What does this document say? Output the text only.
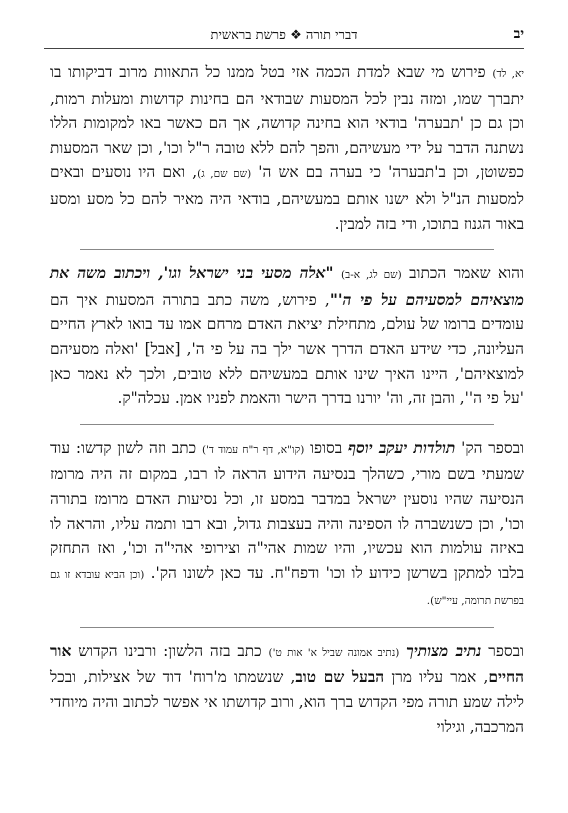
יב
דברי תורה ❖ פרשת בראשית

יא, לד) פירוש מי שבא למדת הכמה אזי בטל ממנו כל התאוות מרוב דביקותו בו יתברך שמו, ומזה נבין לכל המסעות שבודאי הם בחינות קדושות ומעלות רמות, וכן גם כן 'תבערה' בודאי הוא בחינה קדושה, אך הם כאשר באו למקומות הללו נשתנה הדבר על ידי מעשיהם, והפך להם ללא טובה ר"ל וכו', וכן שאר המסעות כפשוטן, וכן ב'תבערה' כי בערה בם אש ה' (שם שם, ג), ואם היו נוסעים ובאים למסעות הנ"ל ולא ישנו אותם במעשיהם, בודאי היה מאיר להם כל מסע ומסע באור הגנוז בתוכו, ודי בזה למבין.

והוא שאמר הכתוב (שם לג, א-ב) "אלה מסעי בני ישראל וגו', ויכתוב משה את מוצאיהם למסעיהם על פי ה'", פירוש, משה כתב בתורה המסעות איך הם עומדים ברומו של עולם, מתחילת יציאת האדם מרחם אמו עד בואו לארץ החיים העליונה, כדי שידע האדם הדרך אשר ילך בה על פי ה', [אבל] 'ואלה מסעיהם למוצאיהם', היינו האיך שינו אותם במעשיהם ללא טובים, ולכך לא נאמר כאן 'על פי ה'', והבן זה, וה' יורנו בדרך הישר והאמת לפניו אמן. עכלה"ק.

ובספר הק' תולדות יעקב יוסף בסופו (קו"א, דף ר"ח עמוד ד') כתב וזה לשון קדשו: עוד שמעתי בשם מורי, כשהלך בנסיעה הידוע הראה לו רבו, במקום זה היה מרומז הנסיעה שהיו נוסעין ישראל במדבר במסע זו, וכל נסיעות האדם מרומז בתורה וכו', וכן כשנשברה לו הספינה והיה בעצבות גדול, ובא רבו ותמה עליו, והראה לו באיזה עולמות הוא עכשיו, והיו שמות אהי"ה וצירופי אהי"ה וכו', ואז התחזק בלבו למתקן בשרשן כידוע לו וכו' ודפח"ח. עד כאן לשונו הק'. (וכן הביא עובדא זו גם בפרשת תרומה, עיי"ש).

ובספר נתיב מצותיך (נתיב אמונה שביל א' אות ט') כתב בזה הלשון: ורבינו הקדוש אור החיים, אמר עליו מרן הבעל שם טוב, שנשמתו מ'רוח' דוד של אצילות, ובכל לילה שמע תורה מפי הקדוש ברך הוא, ורוב קדושתו אי אפשר לכתוב והיה מיוחדי המרכבה, וגילוי
